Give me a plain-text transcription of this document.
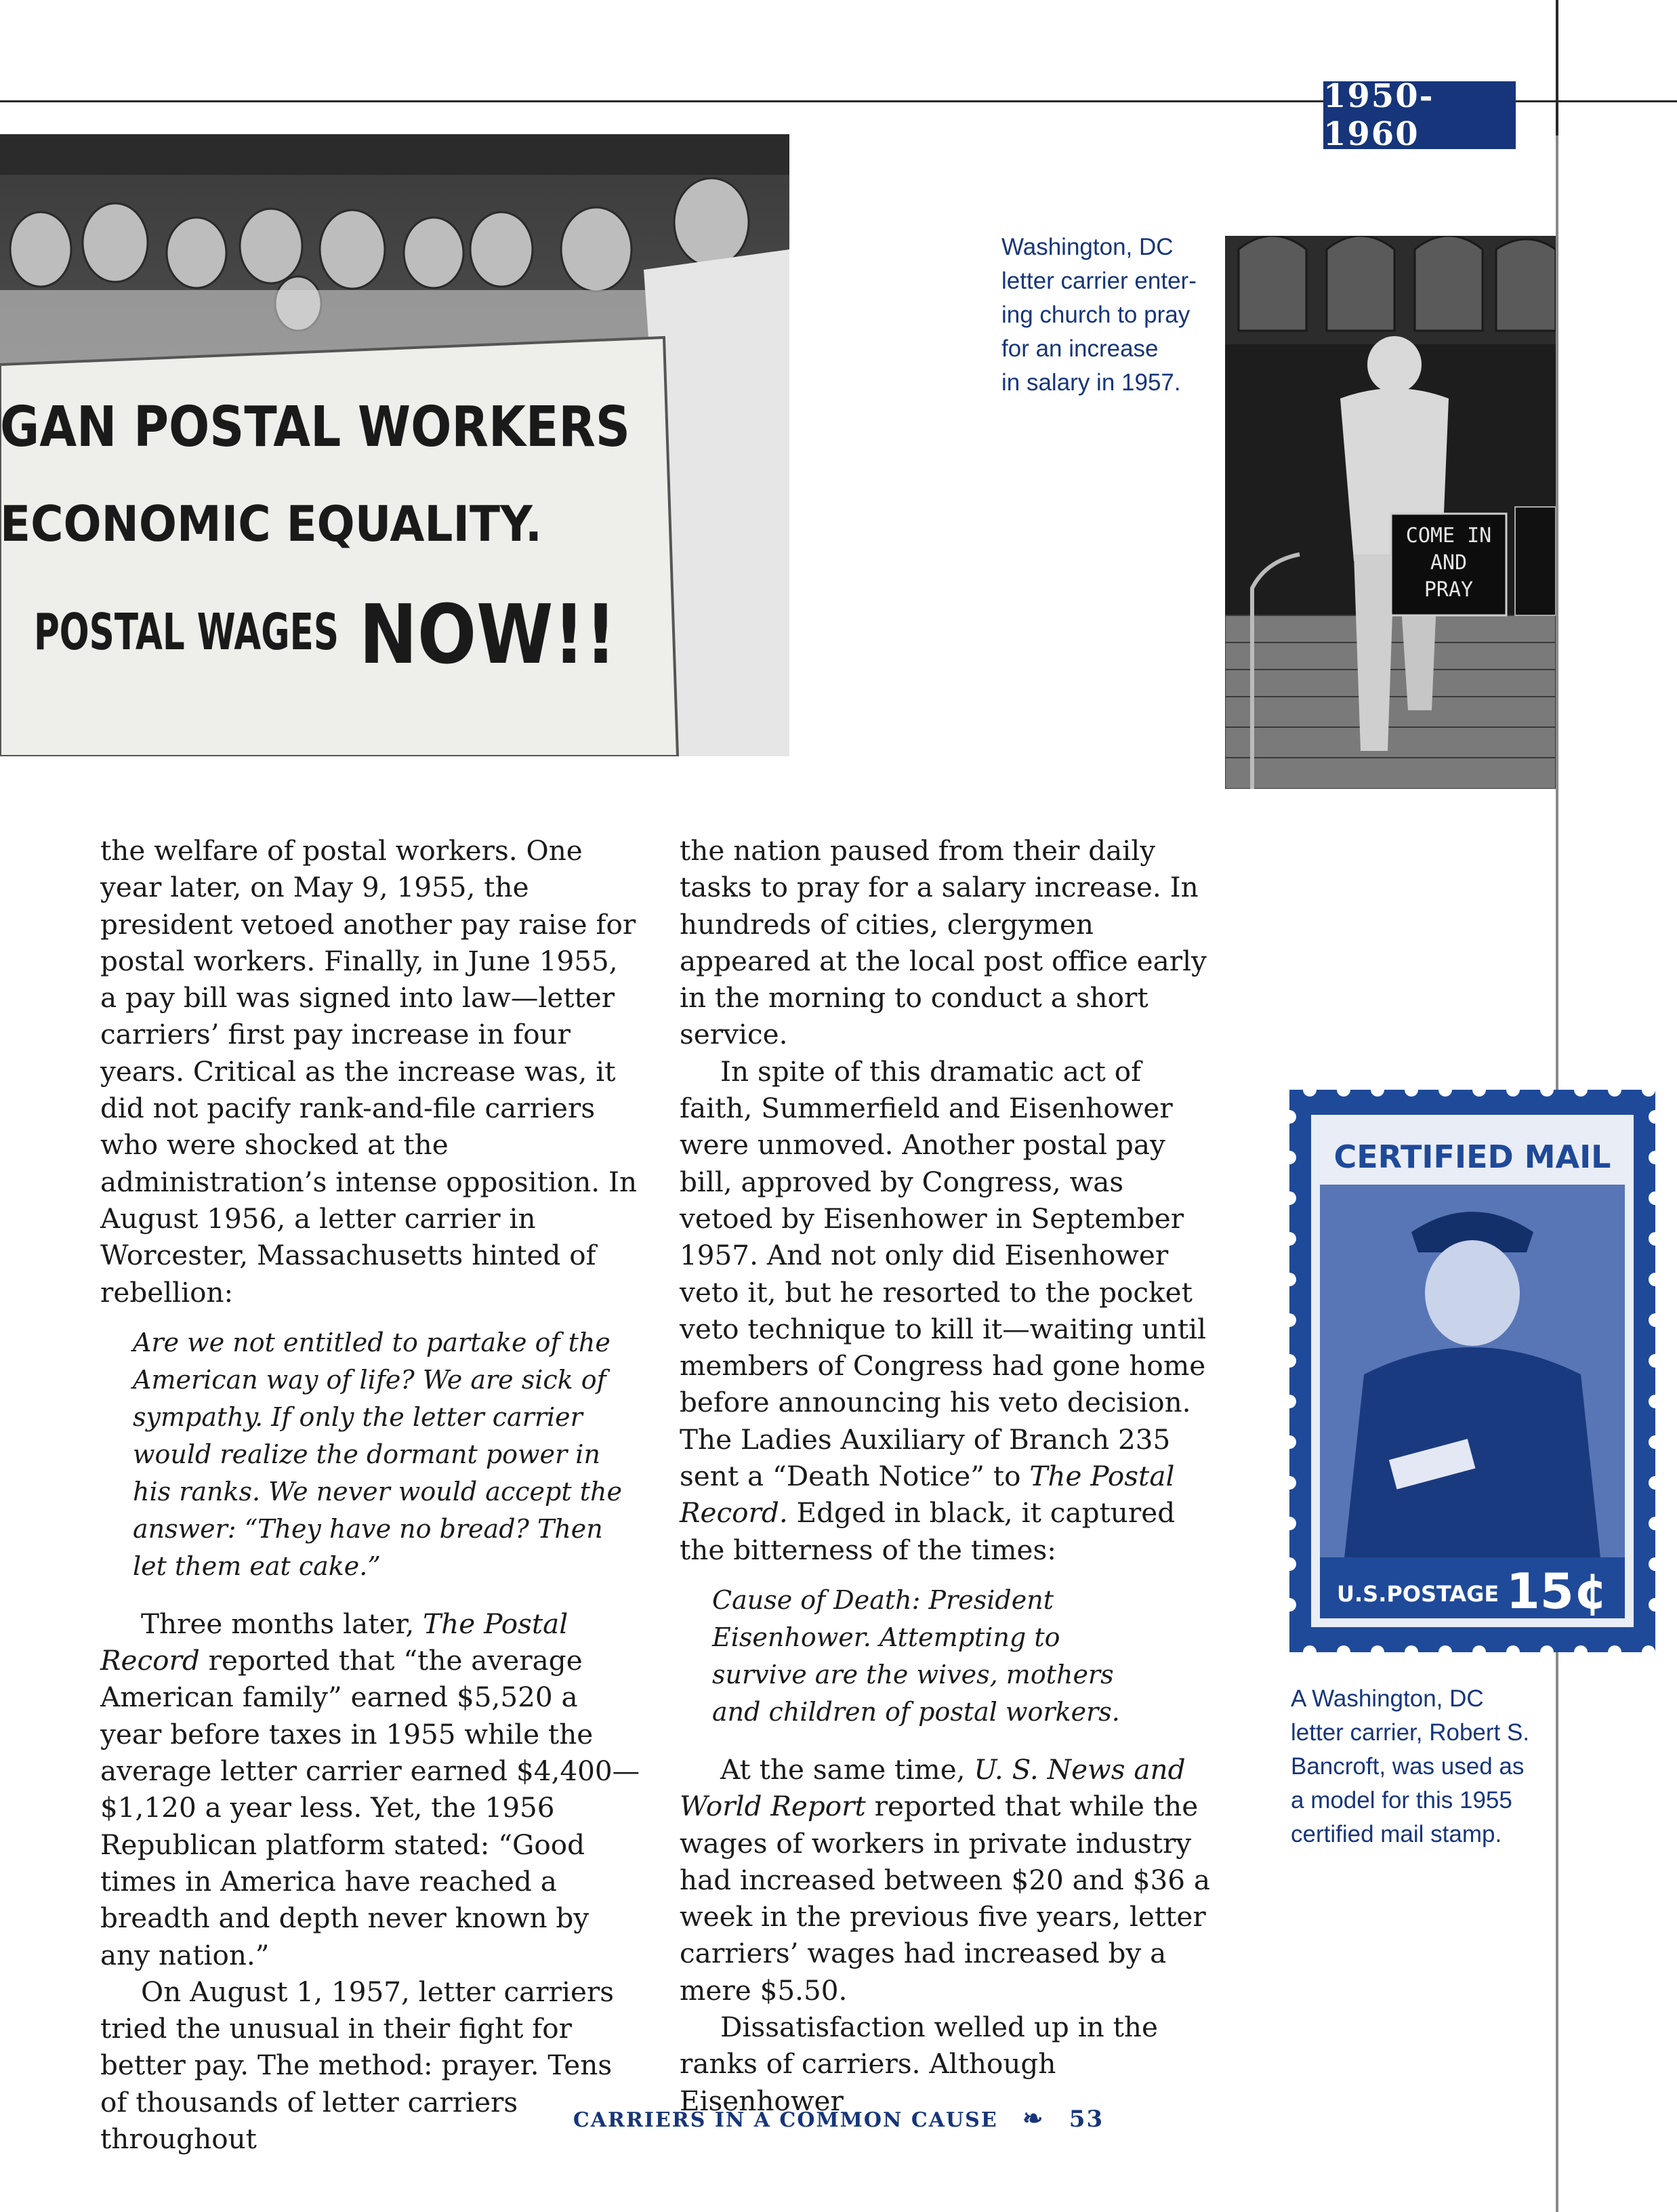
1950-1960
GAN POSTAL WORKERS
ECONOMIC EQUALITY.
POSTAL WAGES NOW!!
Washington, DC
letter carrier enter-
ing church to pray
for an increase
in salary in 1957.
COME IN
AND
PRAY
CERTIFIED MAIL
U.S.POSTAGE 15¢
A Washington, DC
letter carrier, Robert S.
Bancroft, was used as
a model for this 1955
certified mail stamp.

the welfare of postal workers. One year later, on May 9, 1955, the president vetoed another pay raise for postal workers. Finally, in June 1955, a pay bill was signed into law—letter carriers’ first pay increase in four years. Critical as the increase was, it did not pacify rank-and-file carriers who were shocked at the administration’s intense opposition. In August 1956, a letter carrier in Worcester, Massachusetts hinted of rebellion:

Are we not entitled to partake of the American way of life? We are sick of sympathy. If only the letter carrier would realize the dormant power in his ranks. We never would accept the answer: “They have no bread? Then let them eat cake.”

Three months later, The Postal Record reported that “the average American family” earned $5,520 a year before taxes in 1955 while the average letter carrier earned $4,400—$1,120 a year less. Yet, the 1956 Republican platform stated: “Good times in America have reached a breadth and depth never known by any nation.”

On August 1, 1957, letter carriers tried the unusual in their fight for better pay. The method: prayer. Tens of thousands of letter carriers throughout

the nation paused from their daily tasks to pray for a salary increase. In hundreds of cities, clergymen appeared at the local post office early in the morning to conduct a short service.

In spite of this dramatic act of faith, Summerfield and Eisenhower were unmoved. Another postal pay bill, approved by Congress, was vetoed by Eisenhower in September 1957. And not only did Eisenhower veto it, but he resorted to the pocket veto technique to kill it—waiting until members of Congress had gone home before announcing his veto decision. The Ladies Auxiliary of Branch 235 sent a “Death Notice” to The Postal Record. Edged in black, it captured the bitterness of the times:

Cause of Death: President Eisenhower. Attempting to survive are the wives, mothers and children of postal workers.

At the same time, U. S. News and World Report reported that while the wages of workers in private industry had increased between $20 and $36 a week in the previous five years, letter carriers’ wages had increased by a mere $5.50.

Dissatisfaction welled up in the ranks of carriers. Although Eisenhower

CARRIERS IN A COMMON CAUSE ❧ 53
